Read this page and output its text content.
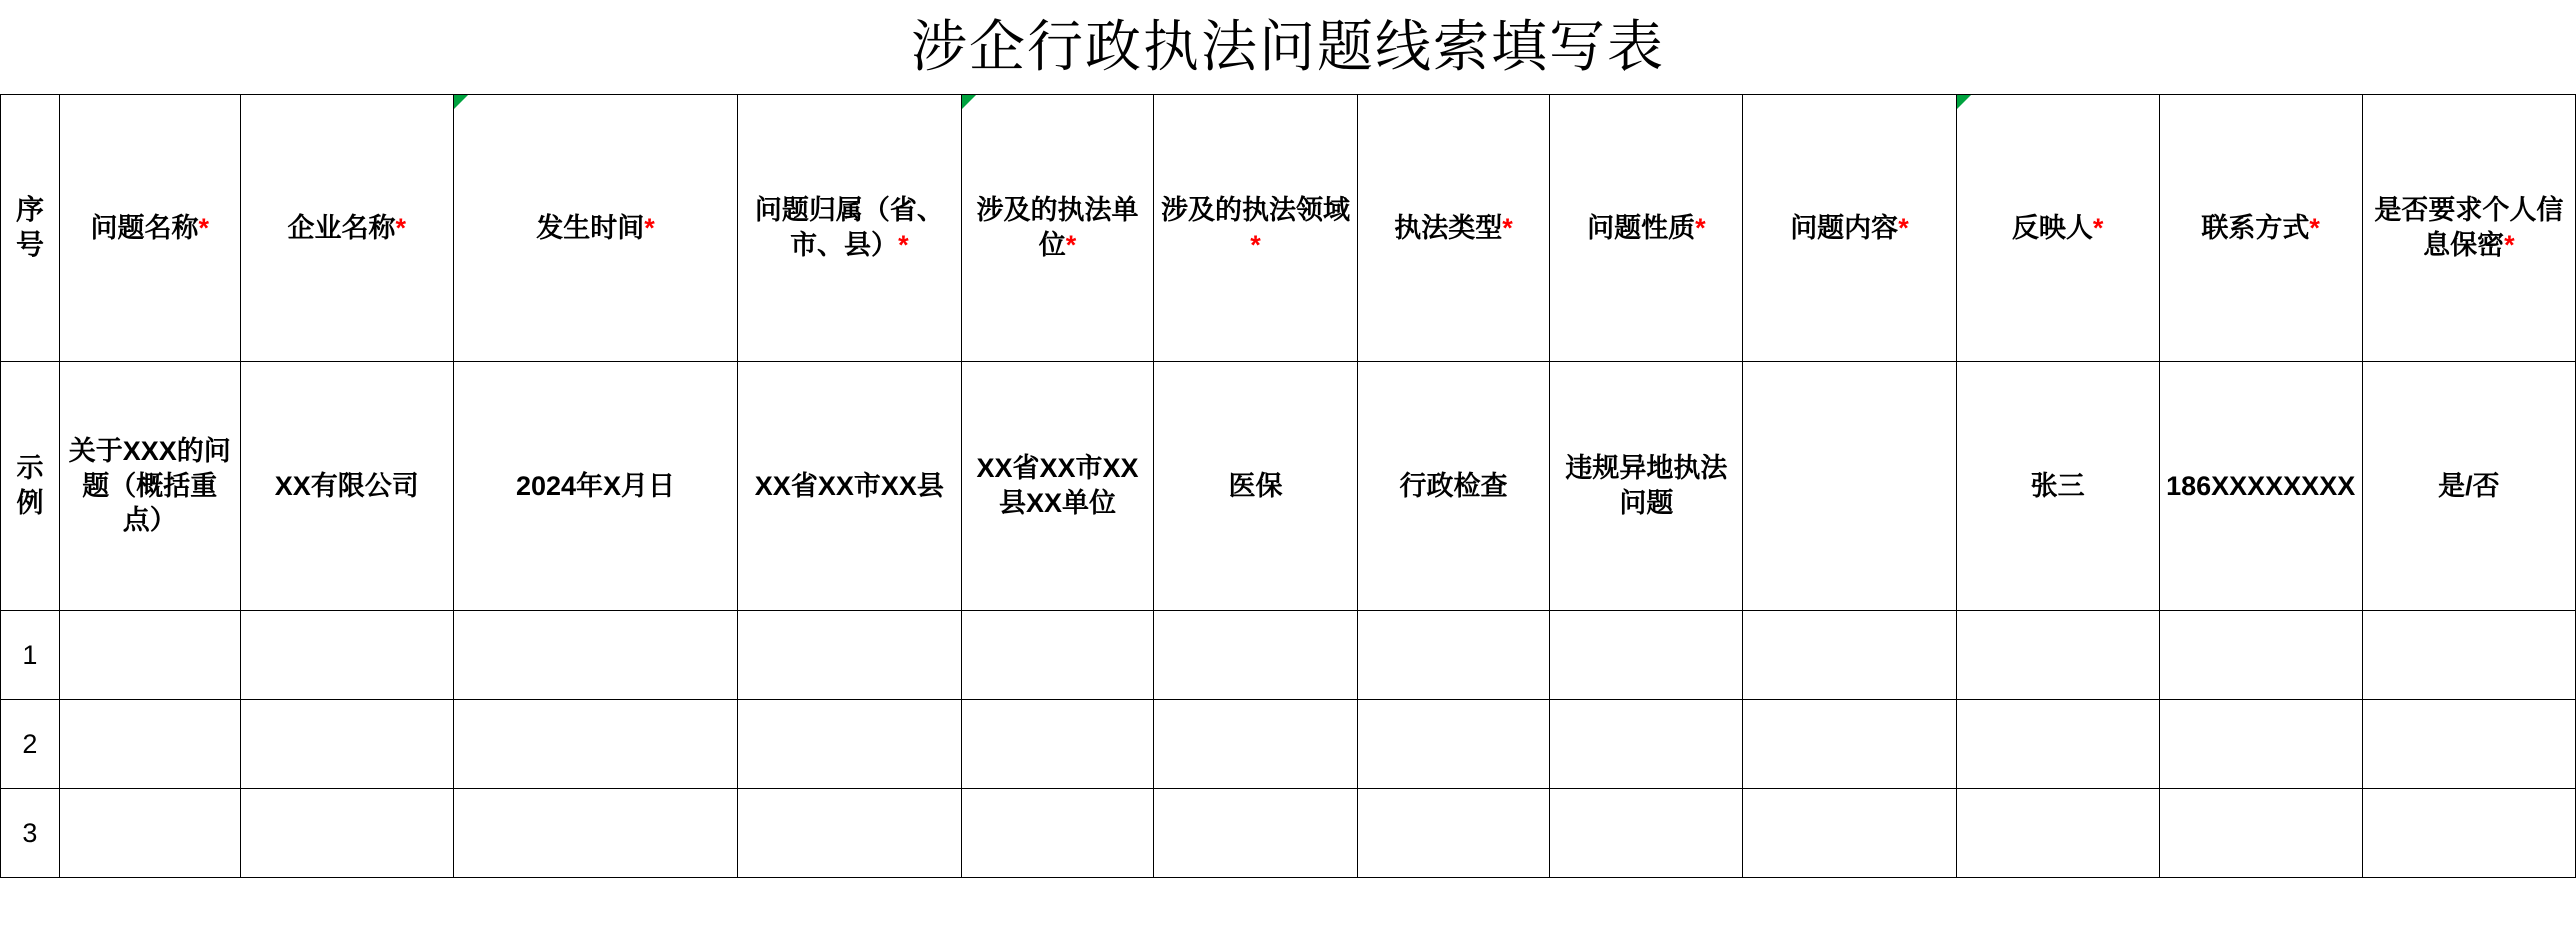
涉企行政执法问题线索填写表
序号	问题名称*	企业名称*	发生时间*	问题归属（省、市、县）*	涉及的执法单位*	涉及的执法领域*	执法类型*	问题性质*	问题内容*	反映人*	联系方式*	是否要求个人信息保密*
示例	关于XXX的问题（概括重点）	XX有限公司	2024年X月日	XX省XX市XX县	XX省XX市XX县XX单位	医保	行政检查	违规异地执法问题		张三	186XXXXXXXX	是/否
1												
2												
3												
